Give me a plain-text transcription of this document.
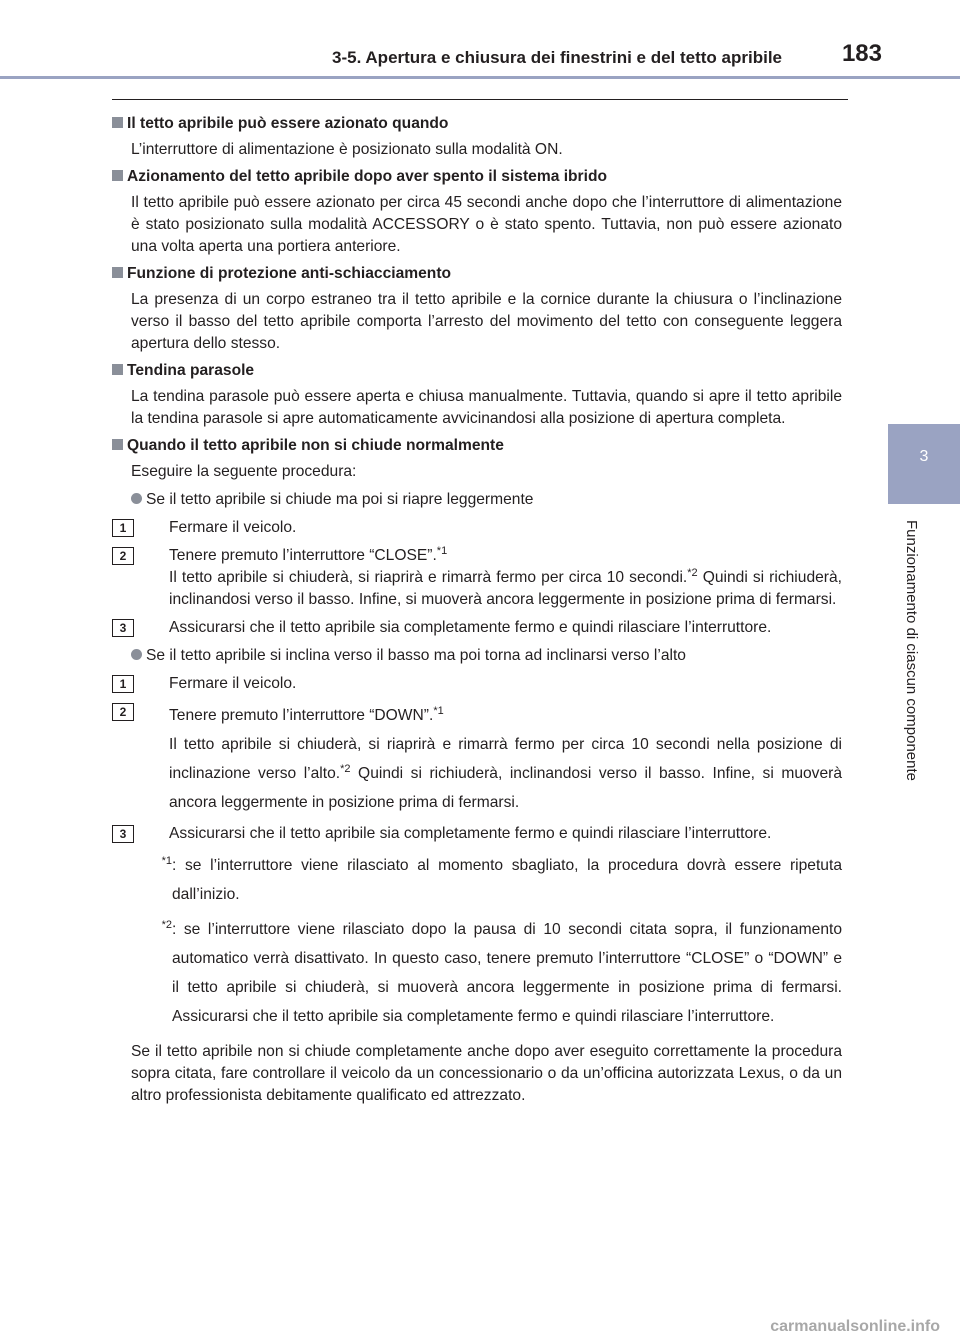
3-5. Apertura e chiusura dei finestrini e del tetto apribile 183
3
Funzionamento di ciascun componente

Il tetto apribile può essere azionato quando

L’interruttore di alimentazione è posizionato sulla modalità ON.

Azionamento del tetto apribile dopo aver spento il sistema ibrido

Il tetto apribile può essere azionato per circa 45 secondi anche dopo che l’interruttore di alimentazione è stato posizionato sulla modalità ACCESSORY o è stato spento. Tuttavia, non può essere azionato una volta aperta una portiera anteriore.

Funzione di protezione anti-schiacciamento

La presenza di un corpo estraneo tra il tetto apribile e la cornice durante la chiusura o l’inclinazione verso il basso del tetto apribile comporta l’arresto del movimento del tetto con conseguente leggera apertura dello stesso.

Tendina parasole

La tendina parasole può essere aperta e chiusa manualmente. Tuttavia, quando si apre il tetto apribile la tendina parasole si apre automaticamente avvicinandosi alla posizione di apertura completa.

Quando il tetto apribile non si chiude normalmente

Eseguire la seguente procedura:

Se il tetto apribile si chiude ma poi si riapre leggermente

1	Fermare il veicolo.

2	Tenere premuto l’interruttore “CLOSE”.$^{*1}$
Il tetto apribile si chiuderà, si riaprirà e rimarrà fermo per circa 10 secondi.$^{*2}$ Quindi si richiuderà, inclinandosi verso il basso. Infine, si muoverà ancora leggermente in posizione prima di fermarsi.

3	Assicurarsi che il tetto apribile sia completamente fermo e quindi rilasciare l’interruttore.

Se il tetto apribile si inclina verso il basso ma poi torna ad inclinarsi verso l’alto

1	Fermare il veicolo.

2	Tenere premuto l’interruttore “DOWN”.$^{*1}$
Il tetto apribile si chiuderà, si riaprirà e rimarrà fermo per circa 10 secondi nella posizione di inclinazione verso l’alto.$^{*2}$ Quindi si richiuderà, inclinandosi verso il basso. Infine, si muoverà ancora leggermente in posizione prima di fermarsi.

3	Assicurarsi che il tetto apribile sia completamente fermo e quindi rilasciare l’interruttore.

$^{*1}$ : se l’interruttore viene rilasciato al momento sbagliato, la procedura dovrà essere ripetuta dall’inizio.
$^{*2}$ : se l’interruttore viene rilasciato dopo la pausa di 10 secondi citata sopra, il funzionamento automatico verrà disattivato. In questo caso, tenere premuto l’interruttore “CLOSE” o “DOWN” e il tetto apribile si chiuderà, si muoverà ancora leggermente in posizione prima di fermarsi. Assicurarsi che il tetto apribile sia completamente fermo e quindi rilasciare l’interruttore.

Se il tetto apribile non si chiude completamente anche dopo aver eseguito correttamente la procedura sopra citata, fare controllare il veicolo da un concessionario o da un’officina autorizzata Lexus, o da un altro professionista debitamente qualificato ed attrezzato.

carmanualsonline.info
